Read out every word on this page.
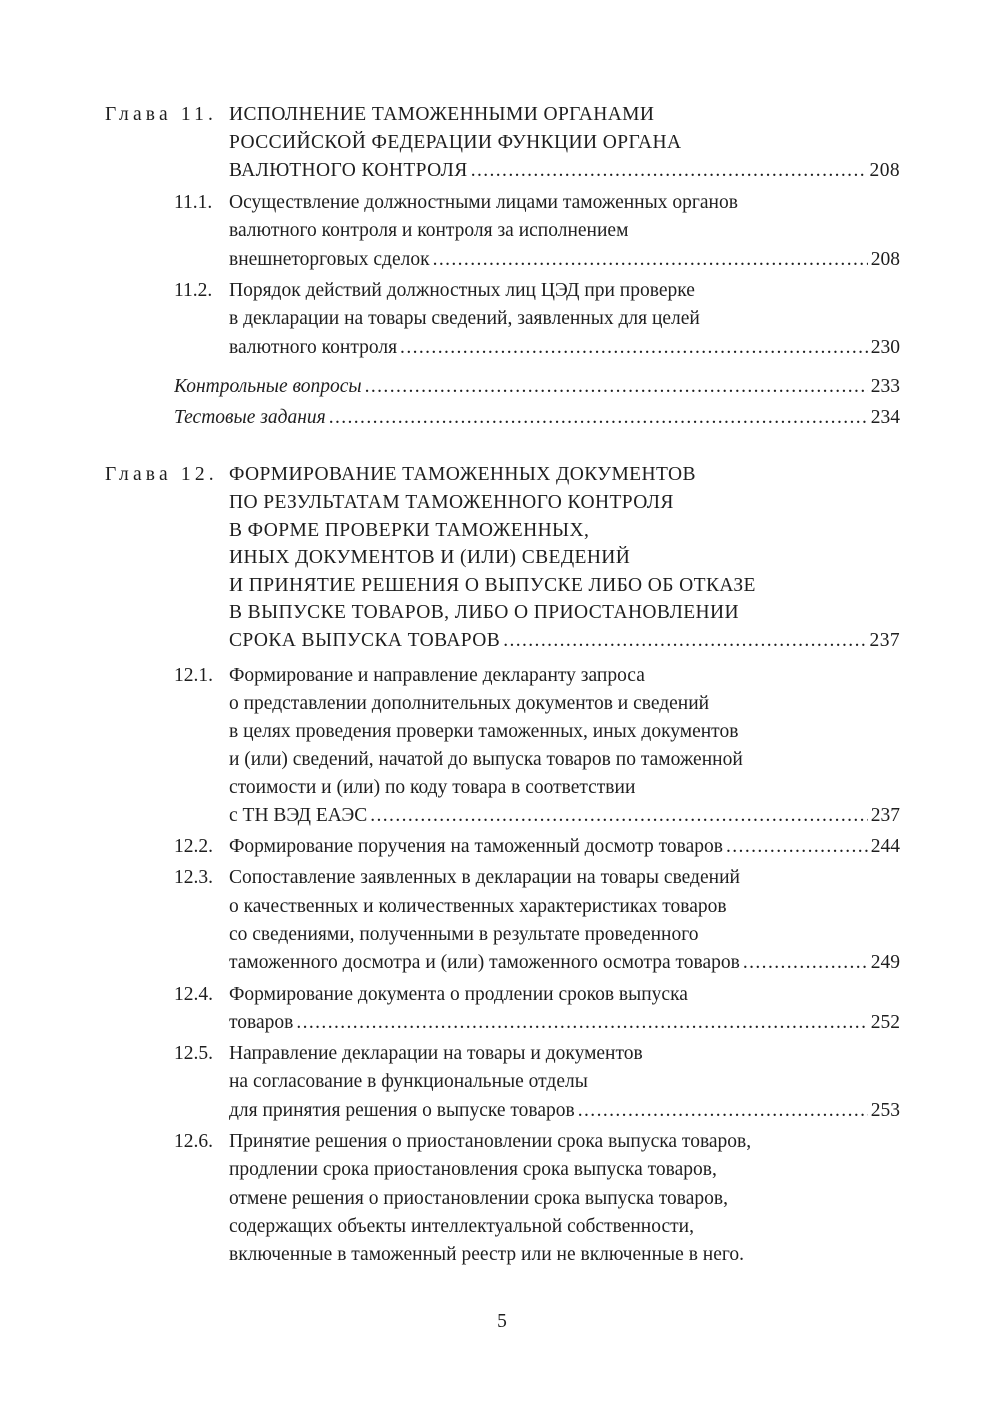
Глава 11. ИСПОЛНЕНИЕ ТАМОЖЕННЫМИ ОРГАНАМИ
РОССИЙСКОЙ ФЕДЕРАЦИИ ФУНКЦИИ ОРГАНА
ВАЛЮТНОГО КОНТРОЛЯ .....	208
11.1. Осуществление должностными лицами таможенных органов
валютного контроля и контроля за исполнением
внешнеторговых сделок .....	208
11.2. Порядок действий должностных лиц ЦЭД при проверке
в декларации на товары сведений, заявленных для целей
валютного контроля .....	230
Контрольные вопросы .....	233
Тестовые задания .....	234
Глава 12. ФОРМИРОВАНИЕ ТАМОЖЕННЫХ ДОКУМЕНТОВ
ПО РЕЗУЛЬТАТАМ ТАМОЖЕННОГО КОНТРОЛЯ
В ФОРМЕ ПРОВЕРКИ ТАМОЖЕННЫХ,
ИНЫХ ДОКУМЕНТОВ И (ИЛИ) СВЕДЕНИЙ
И ПРИНЯТИЕ РЕШЕНИЯ О ВЫПУСКЕ ЛИБО ОБ ОТКАЗЕ
В ВЫПУСКЕ ТОВАРОВ, ЛИБО О ПРИОСТАНОВЛЕНИИ
СРОКА ВЫПУСКА ТОВАРОВ .....	237
12.1. Формирование и направление декларанту запроса
о представлении дополнительных документов и сведений
в целях проведения проверки таможенных, иных документов
и (или) сведений, начатой до выпуска товаров по таможенной
стоимости и (или) по коду товара в соответствии
с ТН ВЭД ЕАЭС .....	237
12.2. Формирование поручения на таможенный досмотр товаров .....	244
12.3. Сопоставление заявленных в декларации на товары сведений
о качественных и количественных характеристиках товаров
со сведениями, полученными в результате проведенного
таможенного досмотра и (или) таможенного осмотра товаров .....	249
12.4. Формирование документа о продлении сроков выпуска
товаров .....	252
12.5. Направление декларации на товары и документов
на согласование в функциональные отделы
для принятия решения о выпуске товаров .....	253
12.6. Принятие решения о приостановлении срока выпуска товаров,
продлении срока приостановления срока выпуска товаров,
отмене решения о приостановлении срока выпуска товаров,
содержащих объекты интеллектуальной собственности,
включенные в таможенный реестр или не включенные в него.
5
